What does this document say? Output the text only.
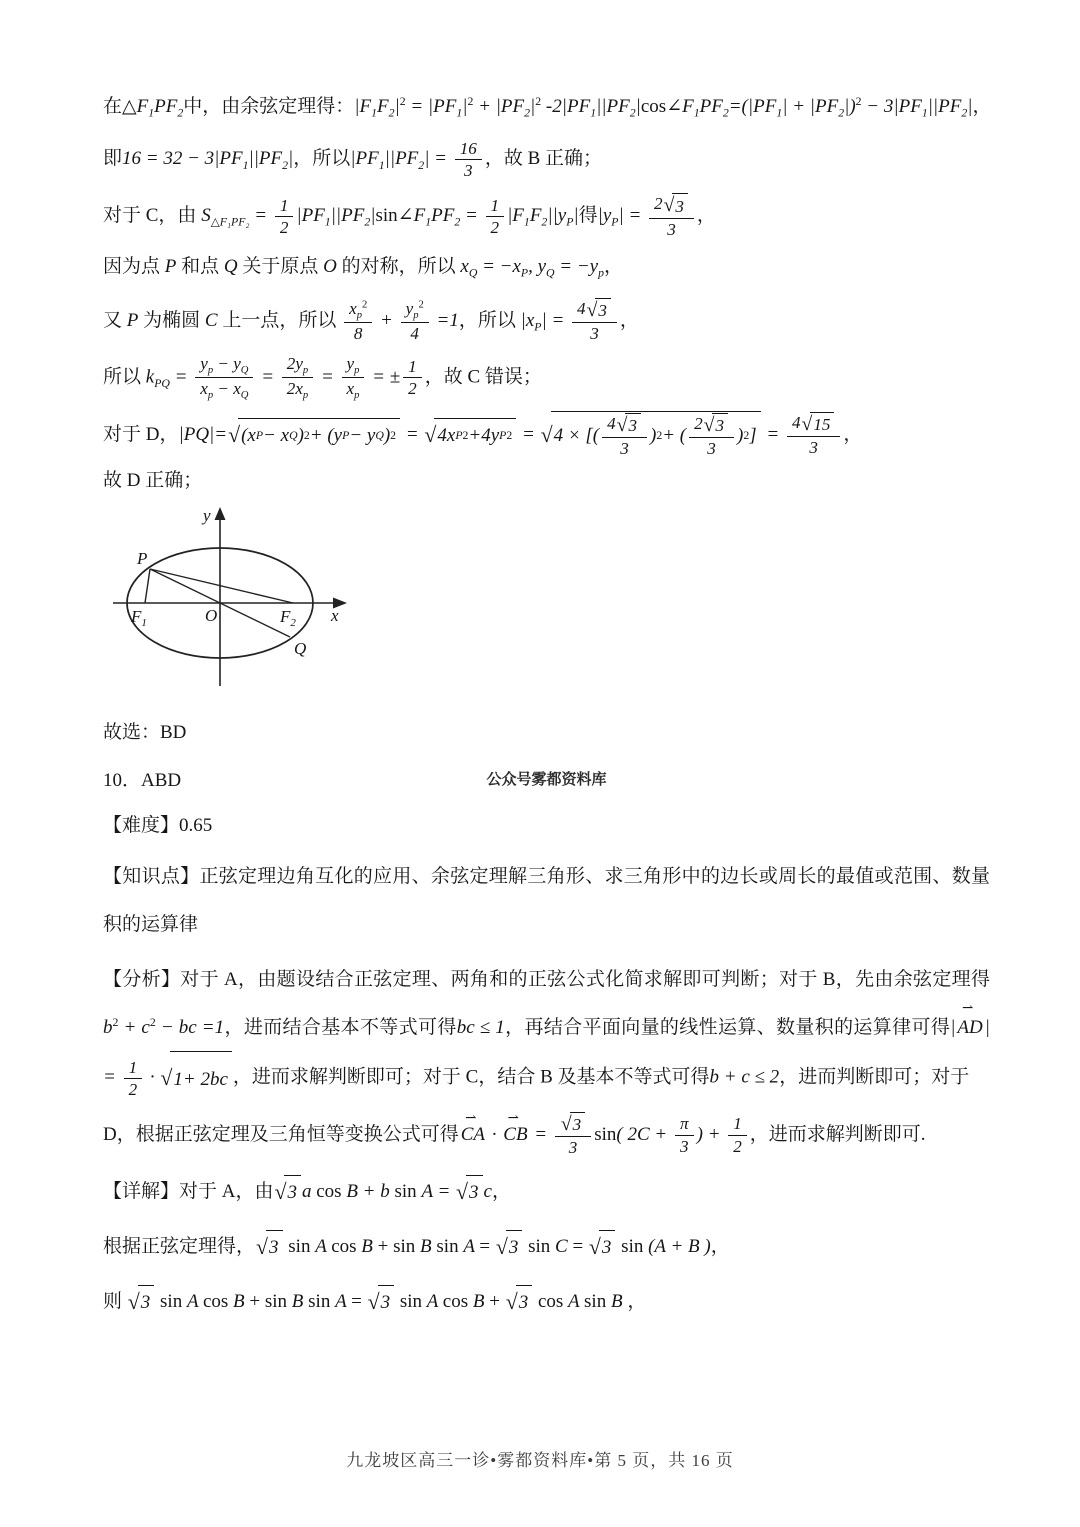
在$\triangle F_1PF_2$中，由余弦定理得：$|F_1F_2|^2 = |PF_1|^2 + |PF_2|^2$ $-2|PF_1||PF_2|\cos\angle F_1PF_2=(|PF_1| + |PF_2|)^2 - 3|PF_1||PF_2|$，
即$16 = 32 - 3|PF_1||PF_2|$，所以$|PF_1||PF_2| = \frac{16}{3}$ ，故 B 正确；
对于 C，由 $S_{\triangle F_1PF_2} = \frac{1}{2}$ $|PF_1||PF_2|\sin\angle F_1PF_2 = \frac{1}{2} |F_1F_2||y_P|$得$|y_P| = \frac{2 √ 3}{3}$ ，
因为点 P 和点 Q 关于原点 O 的对称，所以 $x_Q = -x_P$, $y_Q = -y_p$，
又 P 为椭圆 C 上一点，所以 $\frac{x_p^2}{8} + \frac{y_p^2}{4} =1$，所以 $|x_P| = \frac{4 √ 3}{3}$ ，
所以 $k_{PQ} = \frac{y_p - y_Q}{x_p - x_Q} = \frac{2y_p}{2x_p} = \frac{y_p}{x_p}$ = ± $\frac{1}{2}$ ，故 C 错误；
对于 D，|PQ|= √ (x P − x Q ) 2 + (y P − y Q ) 2 = √ 4x P 2 +4y P 2 = √ 4 × [( $\frac{4 √ 3}{3}$ ) 2 + ( $\frac{2 √ 3}{3}$ ) 2 ] = $\frac{4 √ 15}{3}$ ，
故 D 正确；
y
x
O
P
Q
$F_1$	$F_2$
故选：BD
10．ABD	公众号雾都资料库
【难度】0.65
【知识点】正弦定理边角互化的应用、余弦定理解三角形、求三角形中的边长或周长的最值或范围、数量积的运算律
【分析】对于 A，由题设结合正弦定理、两角和的正弦公式化简求解即可判断；对于 B，先由余弦定理得$b^2 + c^2$ − bc =1，进而结合基本不等式可得bc ≤ 1，再结合平面向量的线性运算、数量积的运算律可得| ⇀ AD | = $\frac{1}{2}$ · √ 1+ 2bc ，进而求解判断即可；对于 C，结合 B 及基本不等式可得b + c ≤ 2，进而判断即可；对于
D，根据正弦定理及三角恒等变换公式可得 ⇀ CA · ⇀ CB = $\frac{√ 3}{3} \sin$( $2C + \frac{\pi}{3}$ ) + $\frac{1}{2}$ ，进而求解判断即可.
【详解】对于 A，由 √ 3 a cos B + b sin A = √ 3 c，
根据正弦定理得， √ 3 sin A cos B + sin B sin A = √ 3 sin C = √ 3 sin (A + B )，
则 √ 3 sin A cos B + sin B sin A = √ 3 sin A cos B + √ 3 cos A sin B ，
九龙坡区高三一诊•雾都资料库•第 5 页，共 16 页
